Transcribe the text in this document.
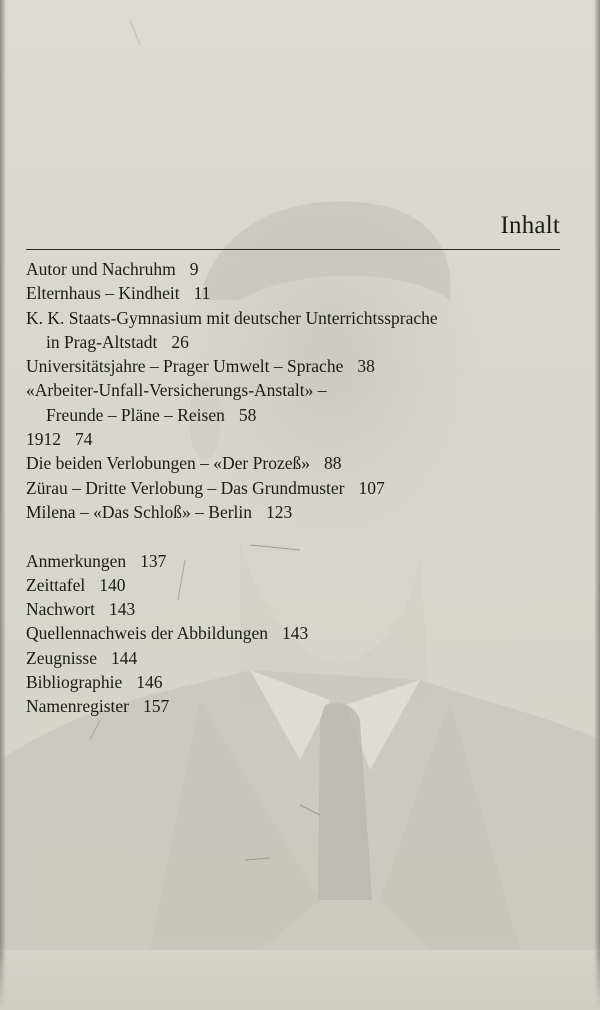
Inhalt
Autor und Nachruhm 9
Elternhaus – Kindheit 11
K. K. Staats-Gymnasium mit deutscher Unterrichtssprache
in Prag-Altstadt 26
Universitätsjahre – Prager Umwelt – Sprache 38
«Arbeiter-Unfall-Versicherungs-Anstalt» –
Freunde – Pläne – Reisen 58
1912 74
Die beiden Verlobungen – «Der Prozeß» 88
Zürau – Dritte Verlobung – Das Grundmuster 107
Milena – «Das Schloß» – Berlin 123
Anmerkungen 137
Zeittafel 140
Nachwort 143
Quellennachweis der Abbildungen 143
Zeugnisse 144
Bibliographie 146
Namenregister 157
